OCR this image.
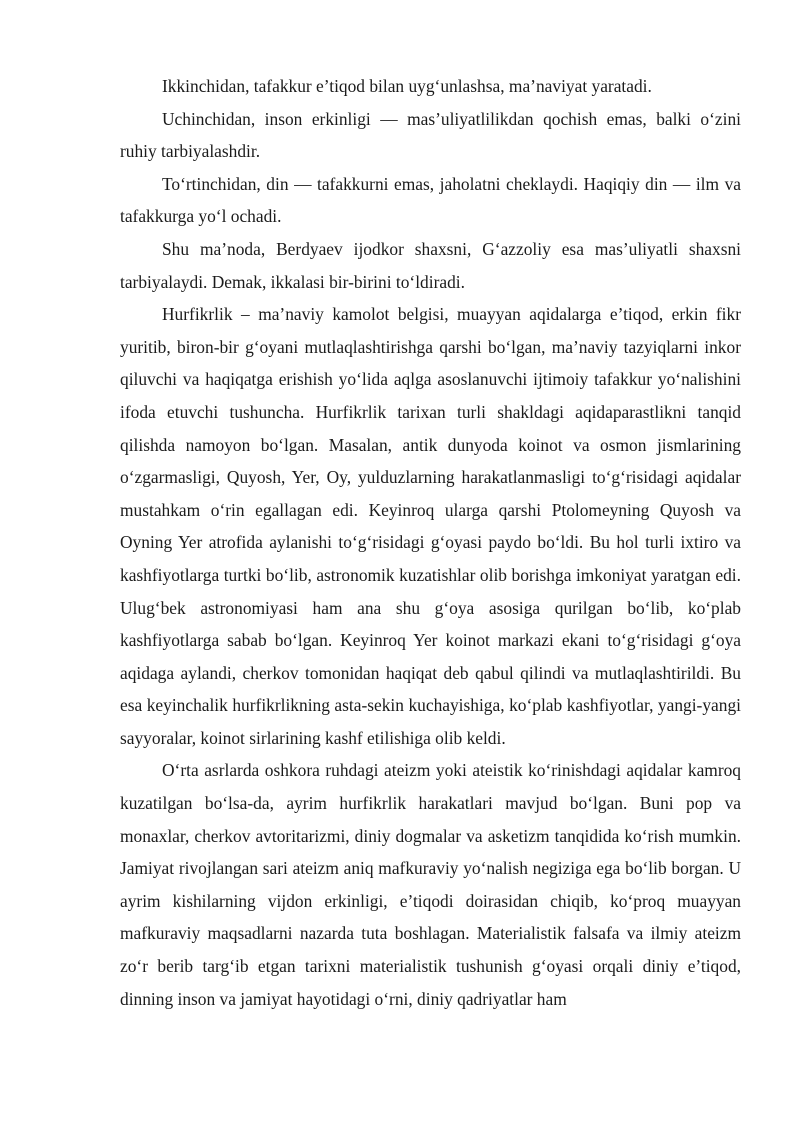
Ikkinchidan, tafakkur e’tiqod bilan uyg‘unlashsa, ma’naviyat yaratadi.

Uchinchidan, inson erkinligi — mas’uliyatlilikdan qochish emas, balki o‘zini ruhiy tarbiyalashdir.

To‘rtinchidan, din — tafakkurni emas, jaholatni cheklaydi. Haqiqiy din — ilm va tafakkurga yo‘l ochadi.

Shu ma’noda, Berdyaev ijodkor shaxsni, G‘azzoliy esa mas’uliyatli shaxsni tarbiyalaydi. Demak, ikkalasi bir-birini to‘ldiradi.

Hurfikrlik – ma’naviy kamolot belgisi, muayyan aqidalarga e’tiqod, erkin fikr yuritib, biron-bir g‘oyani mutlaqlashtirishga qarshi bo‘lgan, ma’naviy tazyiqlarni inkor qiluvchi va haqiqatga erishish yo‘lida aqlga asoslanuvchi ijtimoiy tafakkur yo‘nalishini ifoda etuvchi tushuncha. Hurfikrlik tarixan turli shakldagi aqidaparastlikni tanqid qilishda namoyon bo‘lgan. Masalan, antik dunyoda koinot va osmon jismlarining o‘zgarmasligi, Quyosh, Yer, Oy, yulduzlarning harakatlanmasligi to‘g‘risidagi aqidalar mustahkam o‘rin egallagan edi. Keyinroq ularga qarshi Ptolomeyning Quyosh va Oyning Yer atrofida aylanishi to‘g‘risidagi g‘oyasi paydo bo‘ldi. Bu hol turli ixtiro va kashfiyotlarga turtki bo‘lib, astronomik kuzatishlar olib borishga imkoniyat yaratgan edi. Ulug‘bek astronomiyasi ham ana shu g‘oya asosiga qurilgan bo‘lib, ko‘plab kashfiyotlarga sabab bo‘lgan. Keyinroq Yer koinot markazi ekani to‘g‘risidagi g‘oya aqidaga aylandi, cherkov tomonidan haqiqat deb qabul qilindi va mutlaqlashtirildi. Bu esa keyinchalik hurfikrlikning asta-sekin kuchayishiga, ko‘plab kashfiyotlar, yangi-yangi sayyoralar, koinot sirlarining kashf etilishiga olib keldi.

O‘rta asrlarda oshkora ruhdagi ateizm yoki ateistik ko‘rinishdagi aqidalar kamroq kuzatilgan bo‘lsa-da, ayrim hurfikrlik harakatlari mavjud bo‘lgan. Buni pop va monaxlar, cherkov avtoritarizmi, diniy dogmalar va asketizm tanqididа ko‘rish mumkin. Jamiyat rivojlangan sari ateizm aniq mafkuraviy yo‘nalish negiziga ega bo‘lib borgan. U ayrim kishilarning vijdon erkinligi, e’tiqodi doirasidan chiqib, ko‘proq muayyan mafkuraviy maqsadlarni nazarda tuta boshlagan. Materialistik falsafa va ilmiy ateizm zo‘r berib targ‘ib etgan tarixni materialistik tushunish g‘oyasi orqali diniy e’tiqod, dinning inson va jamiyat hayotidagi o‘rni, diniy qadriyatlar ham
